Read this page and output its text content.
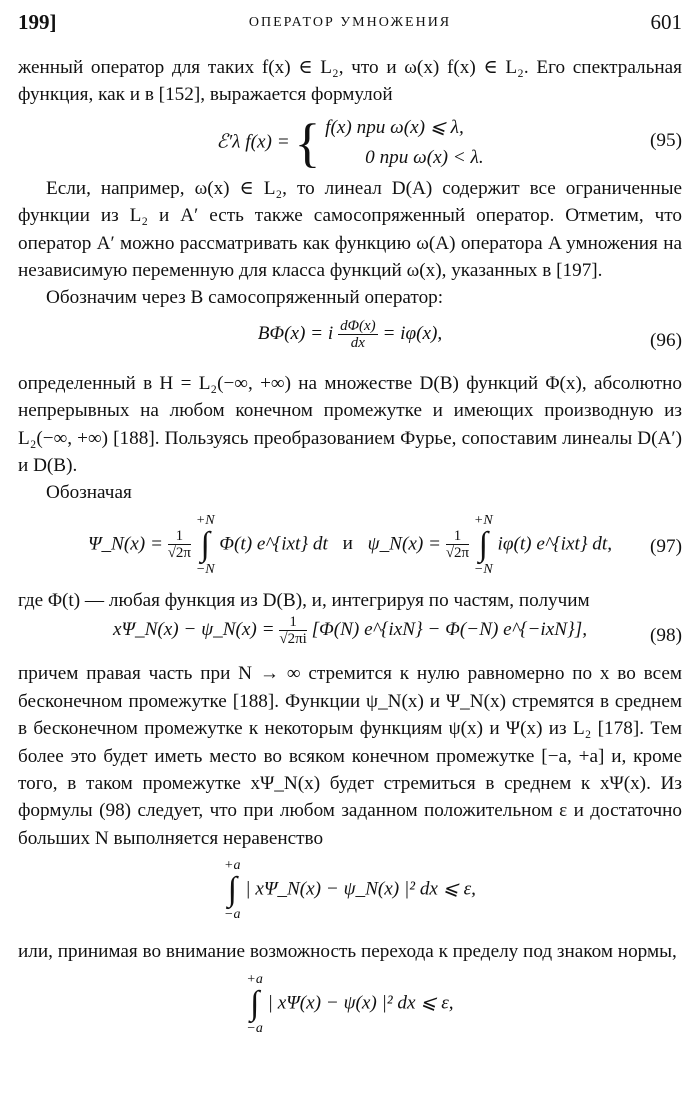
199]	ОПЕРАТОР УМНОЖЕНИЯ	601

женный оператор для таких f(x) ∈ L₂, что и ω(x) f(x) ∈ L₂. Его спектральная функция, как и в [152], выражается формулой

ℰ′λ f(x) = { f(x) при ω(x) ⩽ λ,
0 при ω(x) < λ.
(95)

Если, например, ω(x) ∈ L₂, то линеал D(A) содержит все ограниченные функции из L₂ и A′ есть также самосопряженный оператор. Отметим, что оператор A′ можно рассматривать как функцию ω(A) оператора A умножения на независимую переменную для класса функций ω(x), указанных в [197].

Обозначим через B самосопряженный оператор:

BΦ(x) = i $\frac{d\Phi(x)}{dx} = i\varphi(x)$,	(96)

определенный в H = L₂(−∞, +∞) на множестве D(B) функций Φ(x), абсолютно непрерывных на любом конечном промежутке и имеющих производную из L₂(−∞, +∞) [188]. Пользуясь преобразованием Фурье, сопоставим линеалы D(A′) и D(B).

Обозначая

Ψ_N(x) = $\frac{1}{√2\pi}$

+N
∫
−N
Φ(t) e^{ixt} dt и ψ_N(x) = $\frac{1}{√2\pi}$

+N
∫
−N
iφ(t) e^{ixt} dt,	(97)

где Φ(t) — любая функция из D(B), и, интегрируя по частям, получим

xΨ_N(x) − ψ_N(x) = $\frac{1}{√2\pi i} [\Phi(N)$ e^{ixN} − Φ(−N) e^{−ixN}],	(98)

причем правая часть при N → ∞ стремится к нулю равномерно по x во всем бесконечном промежутке [188]. Функции ψ_N(x) и Ψ_N(x) стремятся в среднем в бесконечном промежутке к некоторым функциям ψ(x) и Ψ(x) из L₂ [178]. Тем более это будет иметь место во всяком конечном промежутке [−a, +a] и, кроме того, в таком промежутке xΨ_N(x) будет стремиться в среднем к xΨ(x). Из формулы (98) следует, что при любом заданном положительном ε и достаточно больших N выполняется неравенство

+a
∫
−a
| xΨ_N(x) − ψ_N(x) |² dx ⩽ ε,

или, принимая во внимание возможность перехода к пределу под знаком нормы,

+a
∫
−a
| xΨ(x) − ψ(x) |² dx ⩽ ε,
